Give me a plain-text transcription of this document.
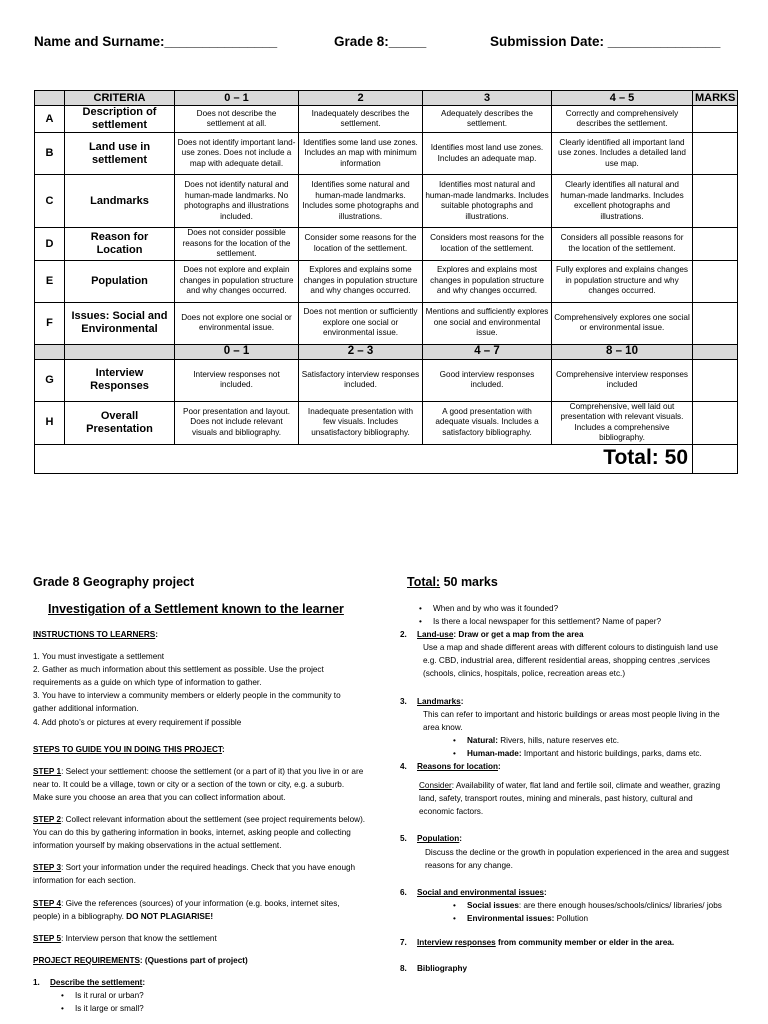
Name and Surname:_______________	Grade 8:_____	Submission Date: _______________
	CRITERIA	0 – 1	2	3	4 – 5	MARKS
A	Description of settlement	Does not describe the settlement at all.	Inadequately describes the settlement.	Adequately describes the settlement.	Correctly and comprehensively describes the settlement.	
B	Land use in settlement	Does not identify important land-use zones. Does not include a map with adequate detail.	Identifies some land use zones. Includes an map with minimum information	Identifies most land use zones. Includes an adequate map.	Clearly identified all important land use zones. Includes a detailed land use map.	
C	Landmarks	Does not identify natural and human-made landmarks. No photographs and illustrations included.	Identifies some natural and human-made landmarks. Includes some photographs and illustrations.	Identifies most natural and human-made landmarks. Includes suitable photographs and illustrations.	Clearly identifies all natural and human-made landmarks. Includes excellent photographs and illustrations.	
D	Reason for Location	Does not consider possible reasons for the location of the settlement.	Consider some reasons for the location of the settlement.	Considers most reasons for the location of the settlement.	Considers all possible reasons for the location of the settlement.	
E	Population	Does not explore and explain changes in population structure and why changes occurred.	Explores and explains some changes in population structure and why changes occurred.	Explores and explains most changes in population structure and why changes occurred.	Fully explores and explains changes in population structure and why changes occurred.	
F	Issues: Social and Environmental	Does not explore one social or environmental issue.	Does not mention or sufficiently explore one social or environmental issue.	Mentions and sufficiently explores one social and environmental issue.	Comprehensively explores one social or environmental issue.	
		0 – 1	2 – 3	4 – 7	8 – 10	
G	Interview Responses	Interview responses not included.	Satisfactory interview responses included.	Good interview responses included.	Comprehensive interview responses included	
H	Overall Presentation	Poor presentation and layout. Does not include relevant visuals and bibliography.	Inadequate presentation with few visuals. Includes unsatisfactory bibliography.	A good presentation with adequate visuals. Includes a satisfactory bibliography.	Comprehensive, well laid out presentation with relevant visuals. Includes a comprehensive bibliography.	
Total: 50						
Grade 8 Geography project
Investigation of a Settlement known to the learner
INSTRUCTIONS TO LEARNERS:
1. You must investigate a settlement
2. Gather as much information about this settlement as possible. Use the project
requirements as a guide on which type of information to gather.
3. You have to interview a community members or elderly people in the community to
gather additional information.
4. Add photo’s or pictures at every requirement if possible
STEPS TO GUIDE YOU IN DOING THIS PROJECT:
STEP 1: Select your settlement: choose the settlement (or a part of it) that you live in or are
near to. It could be a village, town or city or a section of the town or city, e.g. a suburb.
Make sure you choose an area that you can collect information about.
STEP 2: Collect relevant information about the settlement (see project requirements below).
You can do this by gathering information in books, internet, asking people and collecting
information yourself by making observations in the actual settlement.
STEP 3: Sort your information under the required headings. Check that you have enough
information for each section.
STEP 4: Give the references (sources) of your information (e.g. books, internet sites,
people) in a bibliography. DO NOT PLAGIARISE!
STEP 5: Interview person that know the settlement
PROJECT REQUIREMENTS: (Questions part of project)
1. Describe the settlement:
• Is it rural or urban?
• Is it large or small?
Total: 50 marks
• When and by who was it founded?
• Is there a local newspaper for this settlement? Name of paper?
2. Land-use: Draw or get a map from the area
Use a map and shade different areas with different colours to distinguish land use
e.g. CBD, industrial area, different residential areas, shopping centres ,services
(schools, clinics, hospitals, police, recreation areas etc.)
3. Landmarks:
This can refer to important and historic buildings or areas most people living in the
area know.
• Natural: Rivers, hills, nature reserves etc.
• Human-made: Important and historic buildings, parks, dams etc.
4. Reasons for location:
Consider: Availability of water, flat land and fertile soil, climate and weather, grazing
land, safety, transport routes, mining and minerals, past history, cultural and
economic factors.
5. Population:
Discuss the decline or the growth in population experienced in the area and suggest
reasons for any change.
6. Social and environmental issues:
• Social issues: are there enough houses/schools/clinics/ libraries/ jobs
• Environmental issues: Pollution
7. Interview responses from community member or elder in the area.
8. Bibliography
